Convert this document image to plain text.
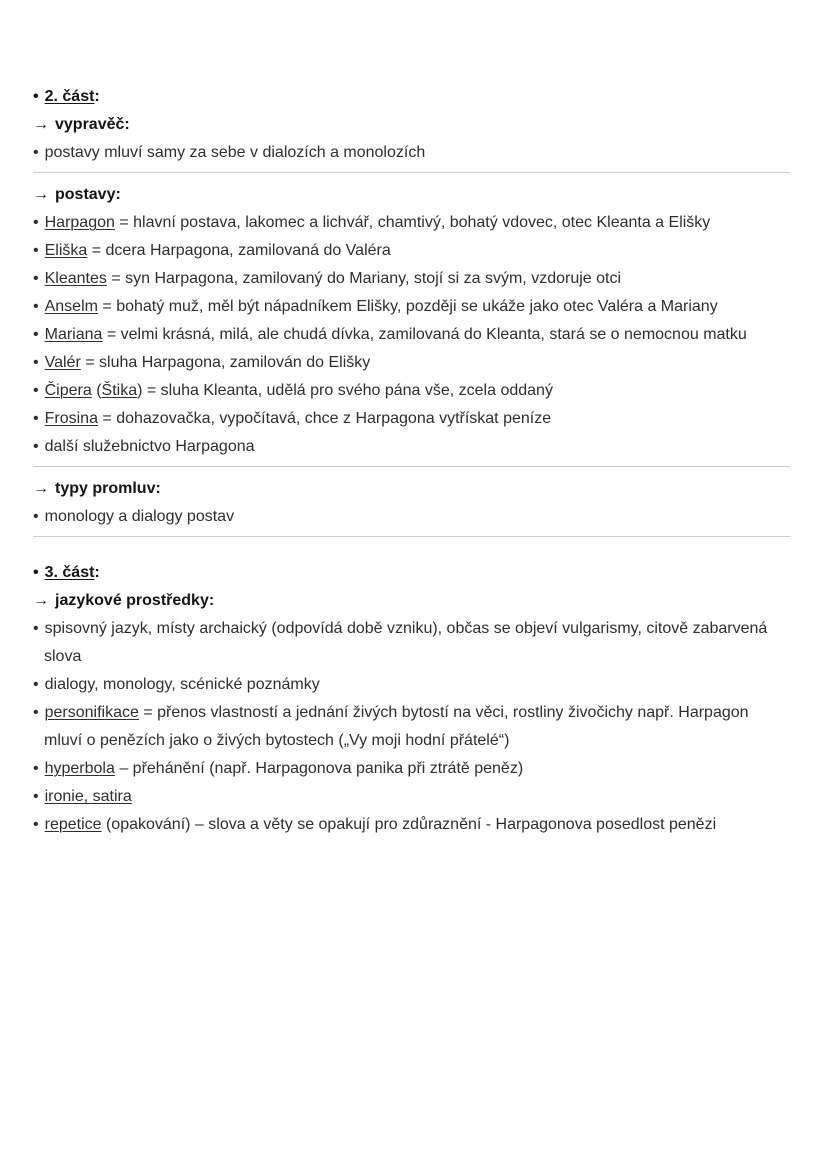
• 2. část:

→ vypravěč:

• postavy mluví samy za sebe v dialozích a monolozích

→ postavy:

• Harpagon = hlavní postava, lakomec a lichvář, chamtivý, bohatý vdovec, otec Kleanta a Elišky

• Eliška = dcera Harpagona, zamilovaná do Valéra

• Kleantes = syn Harpagona, zamilovaný do Mariany, stojí si za svým, vzdoruje otci

• Anselm = bohatý muž, měl být nápadníkem Elišky, později se ukáže jako otec Valéra a Mariany

• Mariana = velmi krásná, milá, ale chudá dívka, zamilovaná do Kleanta, stará se o nemocnou matku

• Valér = sluha Harpagona, zamilován do Elišky

• Čipera (Štika) = sluha Kleanta, udělá pro svého pána vše, zcela oddaný

• Frosina = dohazovačka, vypočítavá, chce z Harpagona vytřískat peníze

• další služebnictvo Harpagona

→ typy promluv:

• monology a dialogy postav

• 3. část:

→ jazykové prostředky:

• spisovný jazyk, místy archaický (odpovídá době vzniku), občas se objeví vulgarismy, citově zabarvená slova

• dialogy, monology, scénické poznámky

• personifikace = přenos vlastností a jednání živých bytostí na věci, rostliny živočichy např. Harpagon mluví o penězích jako o živých bytostech („Vy moji hodní přátelé“)

• hyperbola – přehánění (např. Harpagonova panika při ztrátě peněz)

• ironie, satira

• repetice (opakování) – slova a věty se opakují pro zdůraznění - Harpagonova posedlost penězi
